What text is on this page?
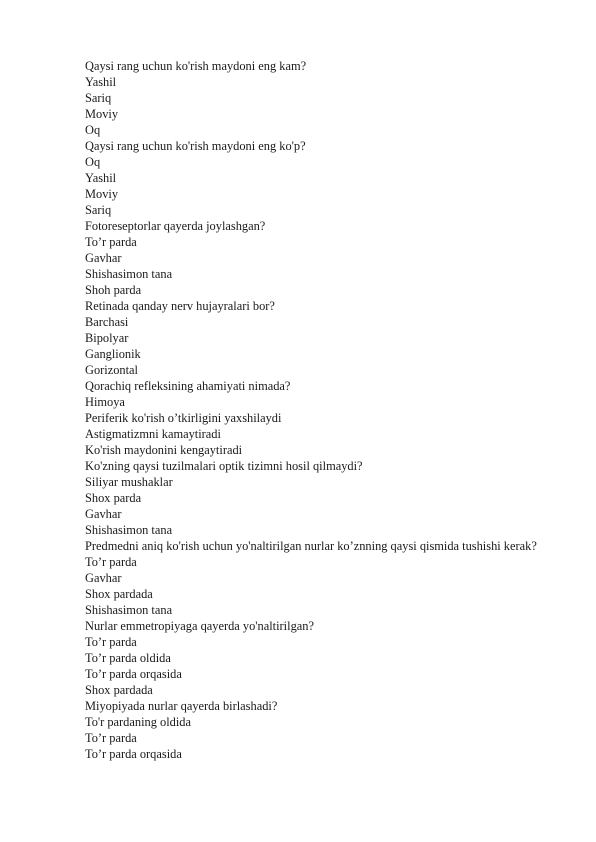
Qaysi rang uchun ko'rish maydoni eng kam?
Yashil
Sariq
Moviy
Oq
Qaysi rang uchun ko'rish maydoni eng ko'p?
Oq
Yashil
Moviy
Sariq
Fotoreseptorlar qayerda joylashgan?
To’r parda
Gavhar
Shishasimon tana
Shoh parda
Retinada qanday nerv hujayralari bor?
Barchasi
Bipolyar
Ganglionik
Gorizontal
Qorachiq refleksining ahamiyati nimada?
Himoya
Periferik ko'rish o’tkirligini yaxshilaydi
Astigmatizmni kamaytiradi
Ko'rish maydonini kengaytiradi
Ko'zning qaysi tuzilmalari optik tizimni hosil qilmaydi?
Siliyar mushaklar
Shox parda
Gavhar
Shishasimon tana
Predmedni aniq ko'rish uchun yo'naltirilgan nurlar ko’znning qaysi qismida tushishi kerak?
To’r parda
Gavhar
Shox pardada
Shishasimon tana
Nurlar emmetropiyaga qayerda yo'naltirilgan?
To’r parda
To’r parda oldida
To’r parda orqasida
Shox pardada
Miyopiyada nurlar qayerda birlashadi?
To'r pardaning oldida
To’r parda
To’r parda orqasida
